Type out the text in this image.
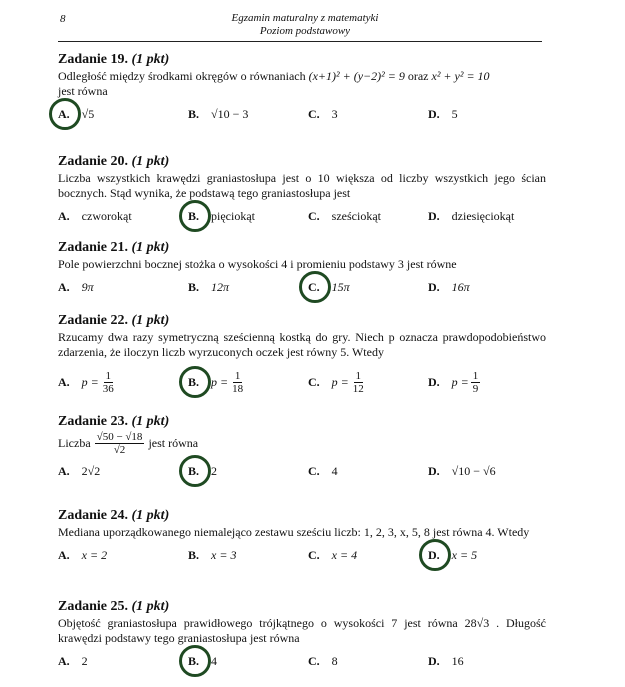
8	Egzamin maturalny z matematyki
Poziom podstawowy
Zadanie 19. (1 pkt)

Odległość między środkami okręgów o równaniach (x+1)² + (y−2)² = 9 oraz x² + y² = 10
jest równa

A. √5	B. √10 − 3	C. 3	D. 5
Zadanie 20. (1 pkt)

Liczba wszystkich krawędzi graniastosłupa jest o 10 większa od liczby wszystkich jego ścian bocznych. Stąd wynika, że podstawą tego graniastosłupa jest

A. czworokąt	B. pięciokąt	C. sześciokąt	D. dziesięciokąt
Zadanie 21. (1 pkt)

Pole powierzchni bocznej stożka o wysokości 4 i promieniu podstawy 3 jest równe

A. 9π	B. 12π	C. 15π	D. 16π
Zadanie 22. (1 pkt)

Rzucamy dwa razy symetryczną sześcienną kostką do gry. Niech p oznacza prawdopodobieństwo zdarzenia, że iloczyn liczb wyrzuconych oczek jest równy 5. Wtedy

A. $p = \frac{1}{36}$	B. $p = \frac{1}{18}$	C. $p = \frac{1}{12}$	D. $p = \frac{1}{9}$
Zadanie 23. (1 pkt)

Liczba $\frac{√50 - √18}{√2}$ jest równa

A. 2√2	B. 2	C. 4	D. √10 − √6
Zadanie 24. (1 pkt)

Mediana uporządkowanego niemalejąco zestawu sześciu liczb: 1, 2, 3, x, 5, 8 jest równa 4. Wtedy

A. x = 2	B. x = 3	C. x = 4	D. x = 5
Zadanie 25. (1 pkt)

Objętość graniastosłupa prawidłowego trójkątnego o wysokości 7 jest równa 28√3 . Długość krawędzi podstawy tego graniastosłupa jest równa

A. 2	B. 4	C. 8	D. 16
